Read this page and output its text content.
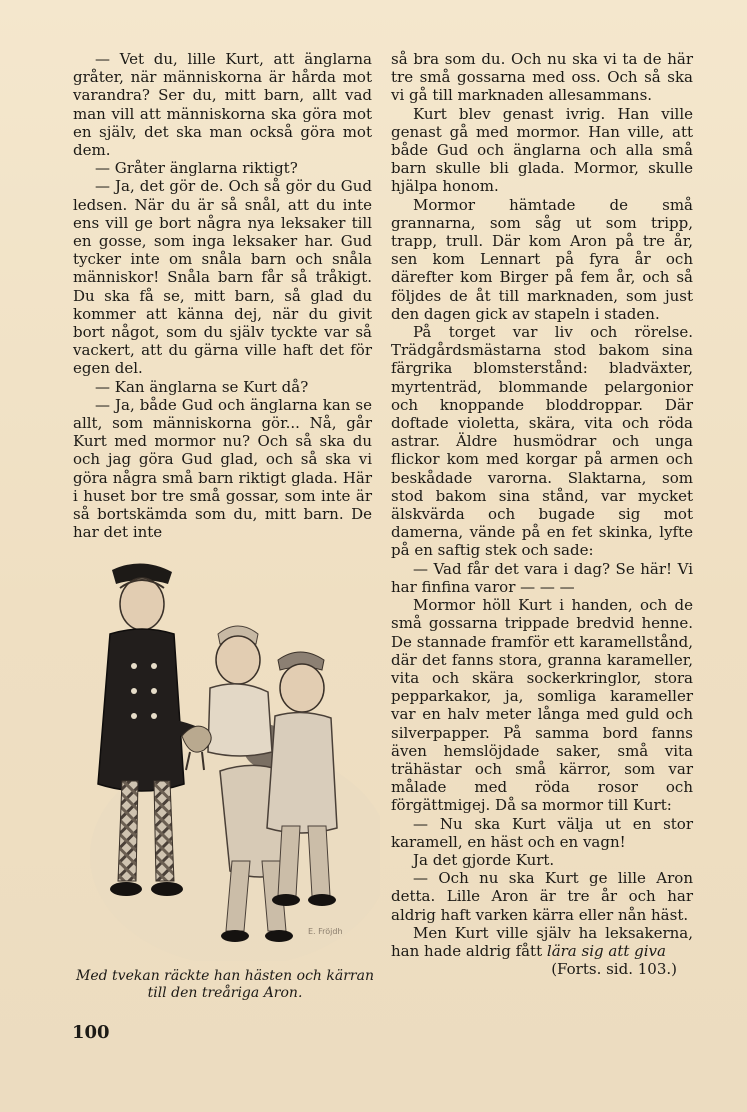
— Vet du, lille Kurt, att änglarna gråter, när människorna är hårda mot varandra? Ser du, mitt barn, allt vad man vill att människorna ska göra mot en själv, det ska man också göra mot dem.

— Gråter änglarna riktigt?

— Ja, det gör de. Och så gör du Gud ledsen. När du är så snål, att du inte ens vill ge bort några nya leksaker till en gosse, som inga leksaker har. Gud tycker inte om snåla barn och snåla människor! Snåla barn får så tråkigt. Du ska få se, mitt barn, så glad du kommer att känna dej, när du givit bort något, som du själv tyckte var så vackert, att du gärna ville haft det för egen del.

— Kan änglarna se Kurt då?

— Ja, både Gud och änglarna kan se allt, som människorna gör... Nå, går Kurt med mormor nu? Och så ska du och jag göra Gud glad, och så ska vi göra några små barn riktigt glada. Här i huset bor tre små gossar, som inte är så bortskämda som du, mitt barn. De har det inte

E. Fröjdh
Med tvekan räckte han hästen och kärran till den treåriga Aron.

så bra som du. Och nu ska vi ta de här tre små gossarna med oss. Och så ska vi gå till marknaden allesammans.

Kurt blev genast ivrig. Han ville genast gå med mormor. Han ville, att både Gud och änglarna och alla små barn skulle bli glada. Mormor, skulle hjälpa honom.

Mormor hämtade de små grannarna, som såg ut som tripp, trapp, trull. Där kom Aron på tre år, sen kom Lennart på fyra år och därefter kom Birger på fem år, och så följdes de åt till marknaden, som just den dagen gick av stapeln i staden.

På torget var liv och rörelse. Trädgårdsmästarna stod bakom sina färgrika blomsterstånd: bladväxter, myrtenträd, blommande pelargonior och knoppande bloddroppar. Där doftade violetta, skära, vita och röda astrar. Äldre husmödrar och unga flickor kom med korgar på armen och beskådade varorna. Slaktarna, som stod bakom sina stånd, var mycket älskvärda och bugade sig mot damerna, vände på en fet skinka, lyfte på en saftig stek och sade:

— Vad får det vara i dag? Se här! Vi har finfina varor — — —

Mormor höll Kurt i handen, och de små gossarna trippade bredvid henne. De stannade framför ett karamellstånd, där det fanns stora, granna karameller, vita och skära sockerkringlor, stora pepparkakor, ja, somliga karameller var en halv meter långa med guld och silverpapper. På samma bord fanns även hemslöjdade saker, små vita trähästar och små kärror, som var målade med röda rosor och förgättmigej. Då sa mormor till Kurt:

— Nu ska Kurt välja ut en stor karamell, en häst och en vagn!

Ja det gjorde Kurt.

— Och nu ska Kurt ge lille Aron detta. Lille Aron är tre år och har aldrig haft varken kärra eller nån häst.

Men Kurt ville själv ha leksakerna, han hade aldrig fått lära sig att giva

(Forts. sid. 103.)
100
